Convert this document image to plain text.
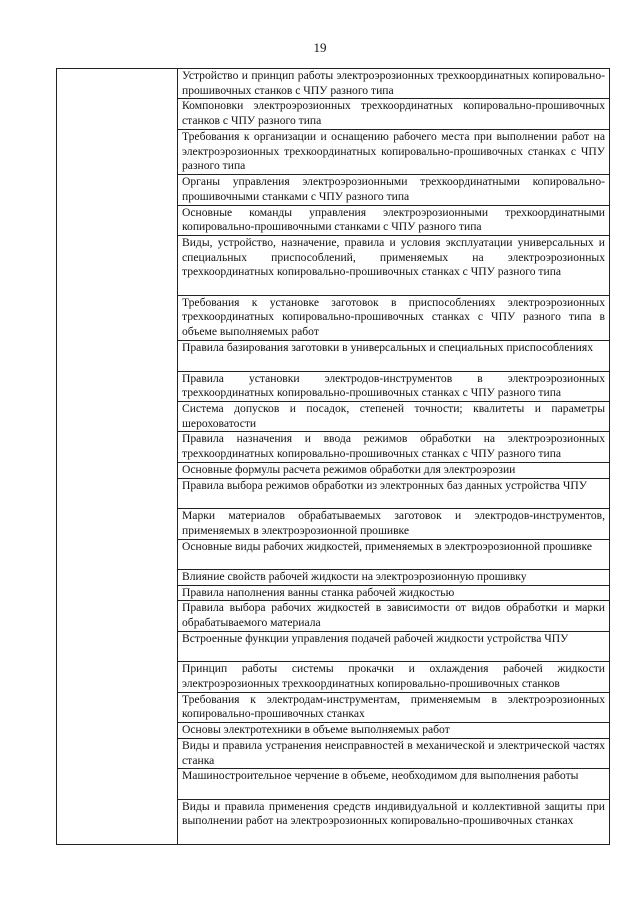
19
Устройство и принцип работы электроэрозионных трехкоординатных копировально-прошивочных станков с ЧПУ разного типа
Компоновки электроэрозионных трехкоординатных копировально-прошивочных станков с ЧПУ разного типа
Требования к организации и оснащению рабочего места при выполнении работ на электроэрозионных трехкоординатных копировально-прошивочных станках с ЧПУ разного типа
Органы управления электроэрозионными трехкоординатными копировально-прошивочными станками с ЧПУ разного типа
Основные команды управления электроэрозионными трехкоординатными копировально-прошивочными станками с ЧПУ разного типа
Виды, устройство, назначение, правила и условия эксплуатации универсальных и специальных приспособлений, применяемых на электроэрозионных трехкоординатных копировально-прошивочных станках с ЧПУ разного типа
Требования к установке заготовок в приспособлениях электроэрозионных трехкоординатных копировально-прошивочных станках с ЧПУ разного типа в объеме выполняемых работ
Правила базирования заготовки в универсальных и специальных приспособлениях
Правила установки электродов-инструментов в электроэрозионных трехкоординатных копировально-прошивочных станках с ЧПУ разного типа
Система допусков и посадок, степеней точности; квалитеты и параметры шероховатости
Правила назначения и ввода режимов обработки на электроэрозионных трехкоординатных копировально-прошивочных станках с ЧПУ разного типа
Основные формулы расчета режимов обработки для электроэрозии
Правила выбора режимов обработки из электронных баз данных устройства ЧПУ
Марки материалов обрабатываемых заготовок и электродов-инструментов, применяемых в электроэрозионной прошивке
Основные виды рабочих жидкостей, применяемых в электроэрозионной прошивке
Влияние свойств рабочей жидкости на электроэрозионную прошивку
Правила наполнения ванны станка рабочей жидкостью
Правила выбора рабочих жидкостей в зависимости от видов обработки и марки обрабатываемого материала
Встроенные функции управления подачей рабочей жидкости устройства ЧПУ
Принцип работы системы прокачки и охлаждения рабочей жидкости электроэрозионных трехкоординатных копировально-прошивочных станков
Требования к электродам-инструментам, применяемым в электроэрозионных копировально-прошивочных станках
Основы электротехники в объеме выполняемых работ
Виды и правила устранения неисправностей в механической и электрической частях станка
Машиностроительное черчение в объеме, необходимом для выполнения работы
Виды и правила применения средств индивидуальной и коллективной защиты при выполнении работ на электроэрозионных копировально-прошивочных станках
